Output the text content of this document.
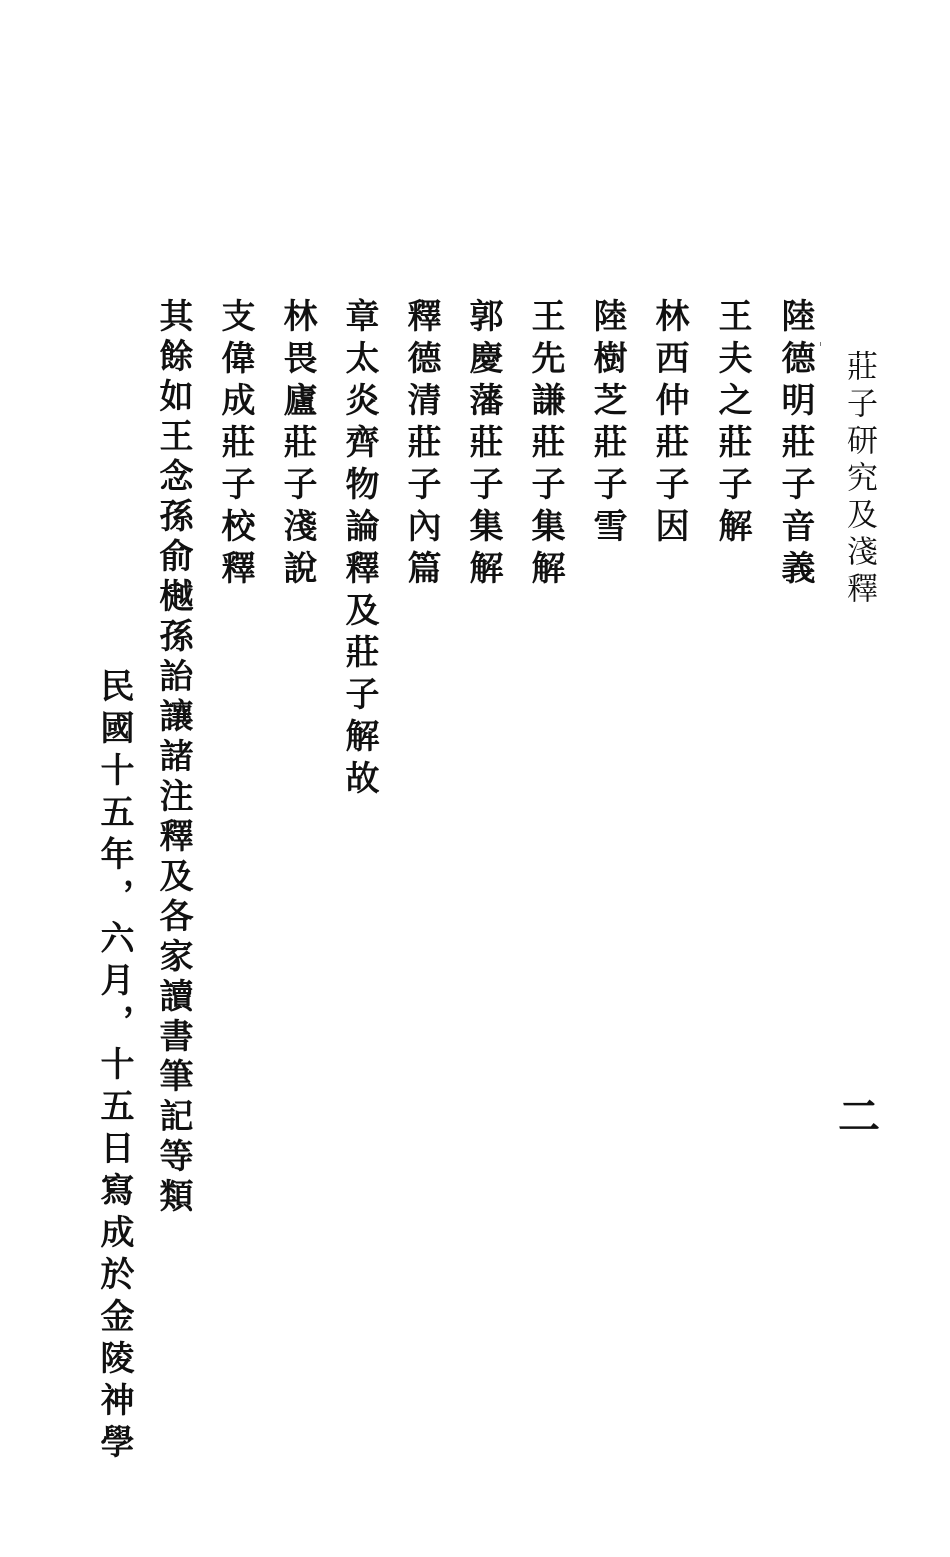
莊子研究及淺釋
二
陸德明莊子音義
王夫之莊子解
林西仲莊子因
陸樹芝莊子雪
王先謙莊子集解
郭慶藩莊子集解
釋德清莊子內篇
章太炎齊物論釋及莊子解故
林畏廬莊子淺說
支偉成莊子校釋
其餘如王念孫俞樾孫詒讓諸注釋及各家讀書筆記等類
民國十五年，六月，十五日寫成於金陵神學
